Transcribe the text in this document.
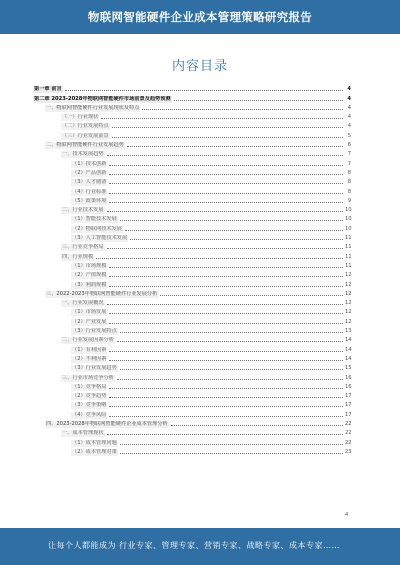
物联网智能硬件企业成本管理策略研究报告
内容目录
第一章 前言	4
第二章 2023-2028年物联网智能硬件市场前景及趋势预测	4
一、物联网智能硬件行业发展现状及特点	4
（一）行业现状	4
（二）行业发展特点	4
（三）行业发展前景	5
二、物联网智能硬件行业发展趋势	6
一、技术发展趋势	7
（1）技术创新	7
（2）产品创新	8
（3）人才储备	8
（4）行业标准	8
（5）政策环境	9
二、行业技术发展	10
（1）智能技术发展	10
（2）物联网技术发展	10
（3）人工智能技术发展	11
三、行业竞争格局	11
四、行业规模	11
（1）市场规模	11
（2）产值规模	12
（3）利润规模	12
三、2022-2023年物联网智能硬件行业发展分析	12
一、行业发展概况	12
（1）市场发展	12
（2）产业发展	12
（3）行业发展特点	13
二、行业发展因素分析	14
（1）有利因素	14
（2）不利因素	14
（3）行业发展趋势	15
三、行业市场竞争分析	16
（1）竞争格局	16
（2）竞争趋势	17
（3）竞争策略	17
（4）竞争风险	17
四、2023-2028年物联网智能硬件企业成本管理分析	22
一、成本管理现状	22
（1）成本管理问题	22
（2）成本管理对策	23
4
让每个人都能成为 行业专家、管理专家、营销专家、战略专家、成本专家……
